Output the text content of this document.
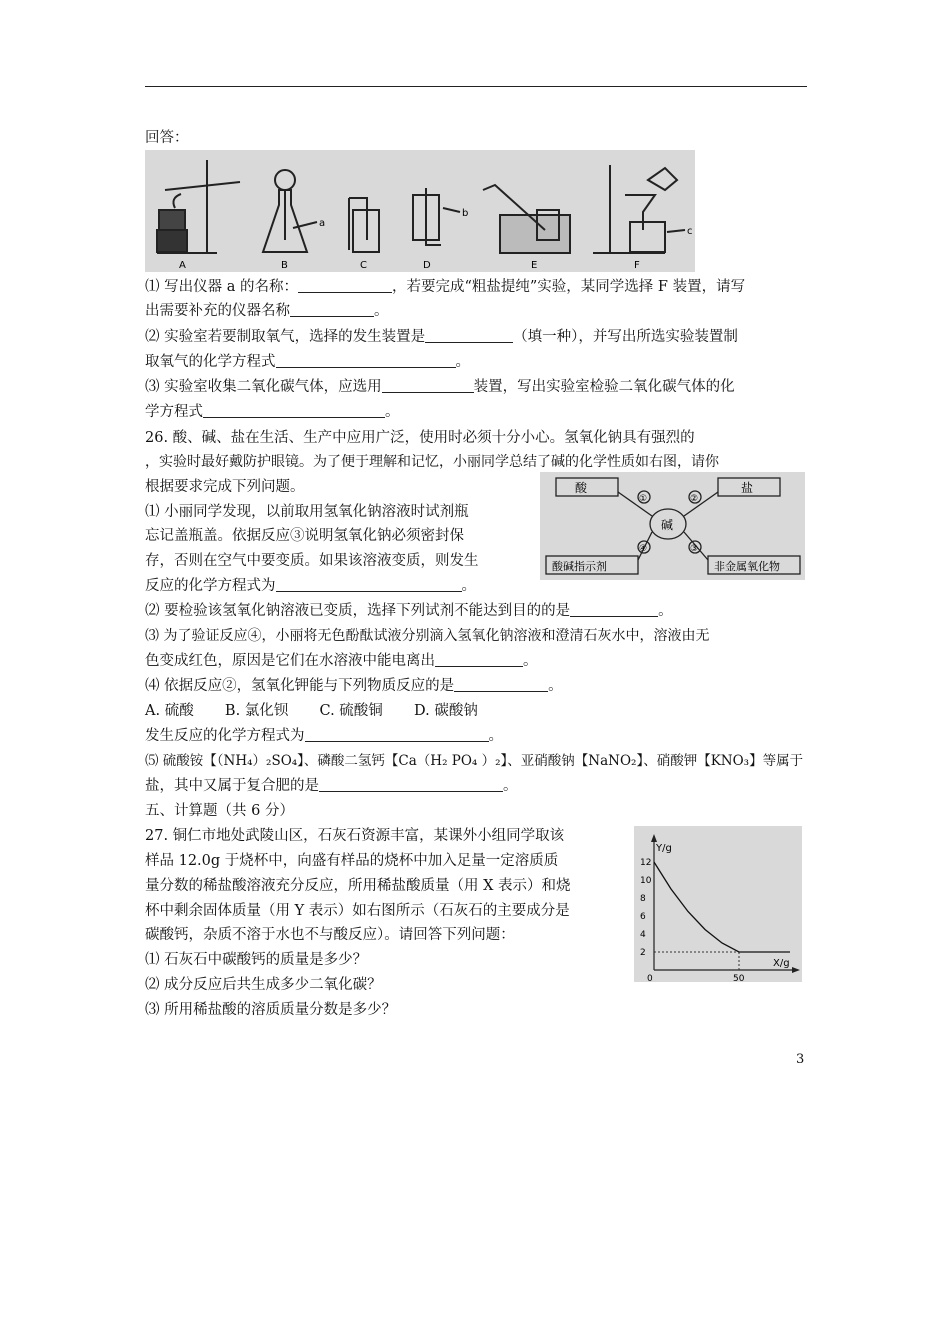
回答：
A	B	C	D	E	F
a
b
c
⑴ 写出仪器 a 的名称：	，若要完成“粗盐提纯”实验，某同学选择 F 装置，请写
出需要补充的仪器名称	。
⑵ 实验室若要制取氧气，选择的发生装置是	（填一种），并写出所选实验装置制
取氧气的化学方程式	。
⑶ 实验室收集二氧化碳气体，应选用	装置，写出实验室检验二氧化碳气体的化
学方程式	。
26. 酸、碱、盐在生活、生产中应用广泛，使用时必须十分小心。氢氧化钠具有强烈的
，实验时最好戴防护眼镜。为了便于理解和记忆，小丽同学总结了碱的化学性质如右图，请你
根据要求完成下列问题。
⑴ 小丽同学发现，以前取用氢氧化钠溶液时试剂瓶
忘记盖瓶盖。依据反应③说明氢氧化钠必须密封保
存，否则在空气中要变质。如果该溶液变质，则发生
反应的化学方程式为	。
酸	盐
酸碱指示剂	非金属氧化物
碱
①	②
④	③
⑵ 要检验该氢氧化钠溶液已变质，选择下列试剂不能达到目的的是	。
⑶ 为了验证反应④，小丽将无色酚酞试液分别滴入氢氧化钠溶液和澄清石灰水中，溶液由无
色变成红色，原因是它们在水溶液中能电离出	。
⑷ 依据反应②，氢氧化钾能与下列物质反应的是	。
A. 硫酸 B. 氯化钡 C. 硫酸铜 D. 碳酸钠
发生反应的化学方程式为	。
⑸ 硫酸铵【（NH₄）₂SO₄】、磷酸二氢钙【Ca（H₂ PO₄ ）₂】、亚硝酸钠【NaNO₂】、硝酸钾【KNO₃】等属于
盐，其中又属于复合肥的是	。
五、计算题（共 6 分）
27. 铜仁市地处武陵山区，石灰石资源丰富，某课外小组同学取该
样品 12.0g 于烧杯中，向盛有样品的烧杯中加入足量一定溶质质
量分数的稀盐酸溶液充分反应，所用稀盐酸质量（用 X 表示）和烧
杯中剩余固体质量（用 Y 表示）如右图所示（石灰石的主要成分是
碳酸钙，杂质不溶于水也不与酸反应）。请回答下列问题：
⑴ 石灰石中碳酸钙的质量是多少？
⑵ 成分反应后共生成多少二氧化碳？
⑶ 所用稀盐酸的溶质质量分数是多少？
Y/g
X/g
0
2
4
6
8
10
12
50
3
